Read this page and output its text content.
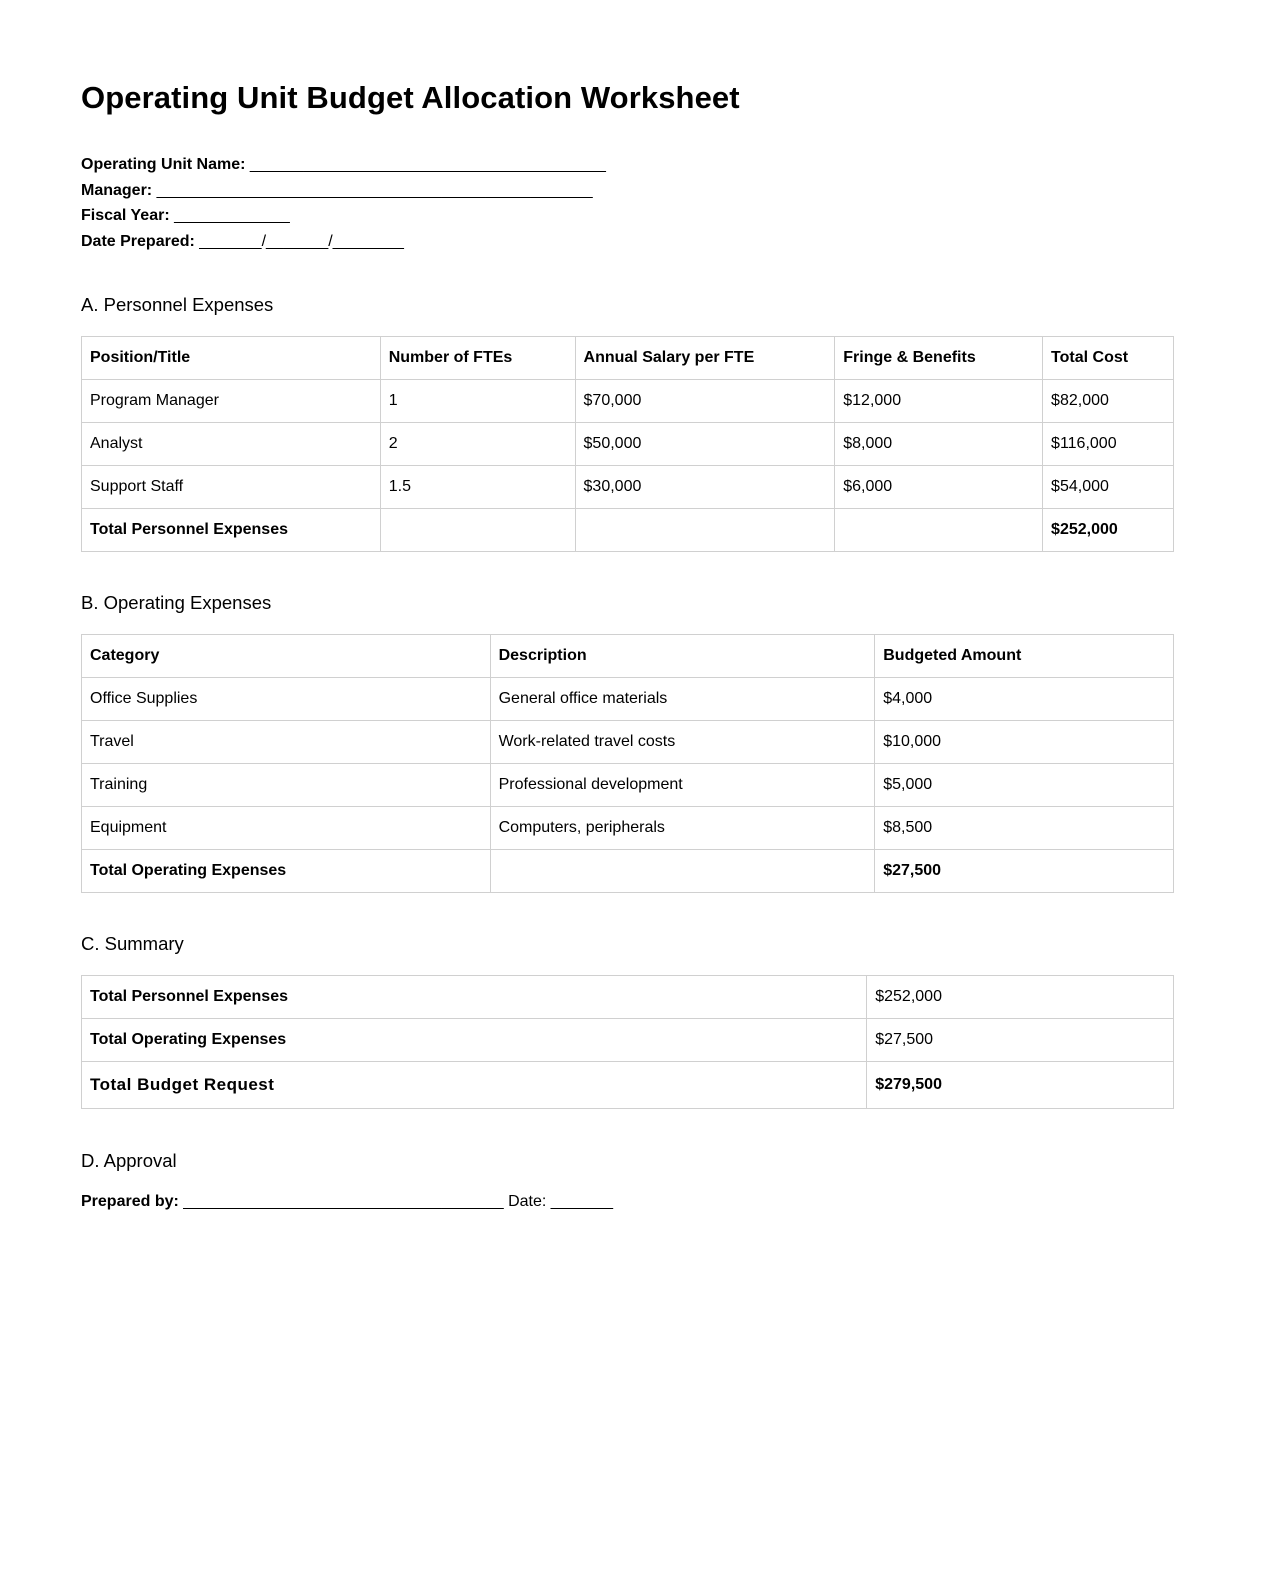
Operating Unit Budget Allocation Worksheet
Operating Unit Name: ________________________________________
Manager: _________________________________________________
Fiscal Year: _____________
Date Prepared: _______/_______/________
A. Personnel Expenses
Position/Title	Number of FTEs	Annual Salary per FTE	Fringe & Benefits	Total Cost
Program Manager	1	$70,000	$12,000	$82,000
Analyst	2	$50,000	$8,000	$116,000
Support Staff	1.5	$30,000	$6,000	$54,000
Total Personnel Expenses				$252,000
B. Operating Expenses
Category	Description	Budgeted Amount
Office Supplies	General office materials	$4,000
Travel	Work-related travel costs	$10,000
Training	Professional development	$5,000
Equipment	Computers, peripherals	$8,500
Total Operating Expenses		$27,500
C. Summary
Total Personnel Expenses	$252,000
Total Operating Expenses	$27,500
Total Budget Request	$279,500
D. Approval
Prepared by: ____________________________________ Date: _______
